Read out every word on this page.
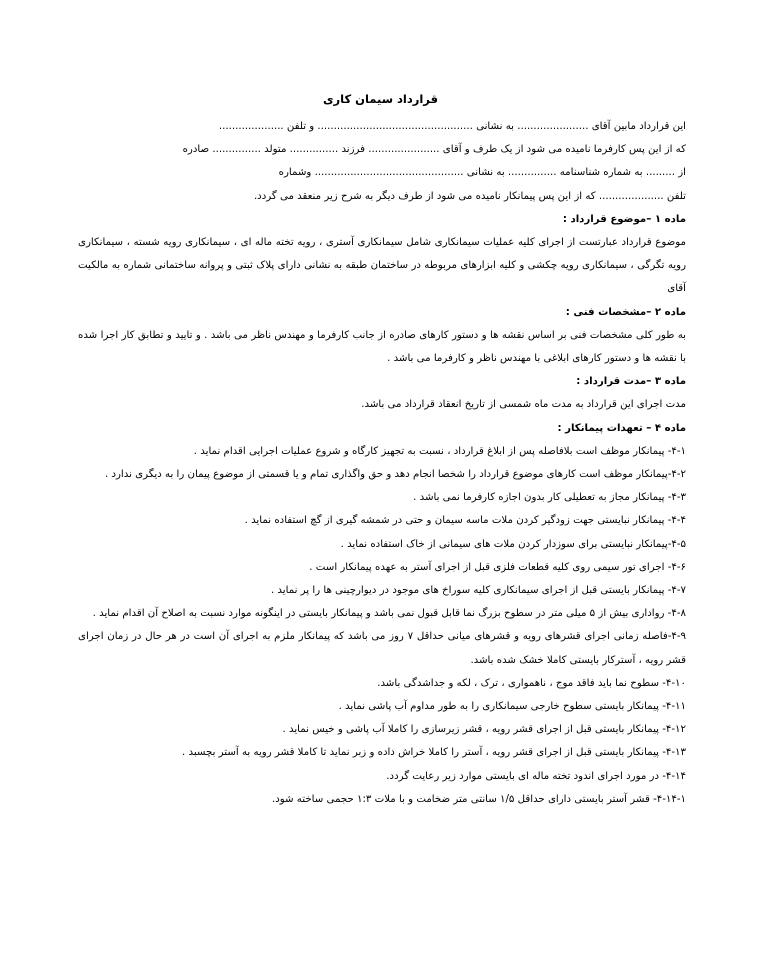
قرارداد سیمان کاری
این قرارداد مابین آقای ...................... به نشانی ................................................ و تلفن ....................
که از این پس کارفرما نامیده می شود از یک طرف و آقای ...................... فرزند ............... متولد ............... صادره
از ......... به شماره شناسنامه ............... به نشانی .............................................. وشماره
تلفن .................... که از این پس پیمانکار نامیده می شود از طرف دیگر به شرح زیر منعقد می گردد.
ماده ۱ –موضوع قرارداد :
موضوع قرارداد عبارتست از اجرای کلیه عملیات سیمانکاری شامل سیمانکاری آستری ، رویه تخته ماله ای ، سیمانکاری رویه شسته ، سیمانکاری رویه تگرگی ، سیمانکاری رویه چکشی و کلیه ابزارهای مربوطه در ساختمان طبقه به نشانی دارای پلاک ثبتی و پروانه ساختمانی شماره به مالکیت آقای
ماده ۲ –مشخصات فنی :
به طور کلی مشخصات فنی بر اساس نقشه ها و دستور کارهای صادره از جانب کارفرما و مهندس ناظر می باشد . و تایید و تطابق کار اجرا شده با نقشه ها و دستور کارهای ابلاغی با مهندس ناظر و کارفرما می باشد .
ماده ۳ –مدت قرارداد :
مدت اجرای این قرارداد به مدت ماه شمسی از تاریخ انعقاد قرارداد می باشد.
ماده ۴ – تعهدات پیمانکار :
۴-۱- پیمانکار موظف است بلافاصله پس از ابلاغ قرارداد ، نسبت به تجهیز کارگاه و شروع عملیات اجرایی اقدام نماید .
۴-۲-پیمانکار موظف است کارهای موضوع قرارداد را شخصا انجام دهد و حق واگذاری تمام و یا قسمتی از موضوع پیمان را به دیگری ندارد .
۴-۳- پیمانکار مجاز به تعطیلی کار بدون اجازه کارفرما نمی باشد .
۴-۴- پیمانکار نبایستی جهت زودگیر کردن ملات ماسه سیمان و حتی در شمشه گیری از گچ استفاده نماید .
۴-۵-پیمانکار نبایستی برای سوزدار کردن ملات های سیمانی از خاک استفاده نماید .
۴-۶- اجرای تور سیمی روی کلیه قطعات فلزی قبل از اجرای آستر به عهده پیمانکار است .
۴-۷- پیمانکار بایستی قبل از اجرای سیمانکاری کلیه سوراخ های موجود در دیوارچینی ها را پر نماید .
۴-۸- رواداری بیش از ۵ میلی متر در سطوح بزرگ نما قابل قبول نمی باشد و پیمانکار بایستی در اینگونه موارد نسبت به اصلاح آن اقدام نماید .
۴-۹-فاصله زمانی اجرای قشرهای رویه و قشرهای میانی حداقل ۷ روز می باشد که پیمانکار ملزم به اجرای آن است در هر حال در زمان اجرای قشر رویه ، آسترکار بایستی کاملا خشک شده باشد.
۴-۱۰- سطوح نما باید فاقد موج ، ناهمواری ، ترک ، لکه و جداشدگی باشد.
۴-۱۱- پیمانکار بایستی سطوح خارجی سیمانکاری را به طور مداوم آب پاشی نماید .
۴-۱۲- پیمانکار بایستی قبل از اجرای قشر رویه ، قشر زیرسازی را کاملا آب پاشی و خیس نماید .
۴-۱۳- پیمانکار بایستی قبل از اجرای قشر رویه ، آستر را کاملا خراش داده و زبر نماید تا کاملا قشر رویه به آستر بچسبد .
۴-۱۴- در مورد اجرای اندود تخته ماله ای بایستی موارد زیر رعایت گردد.
۴-۱۴-۱- قشر آستر بایستی دارای حداقل ۱/۵ سانتی متر ضخامت و با ملات ۱:۳ حجمی ساخته شود.
